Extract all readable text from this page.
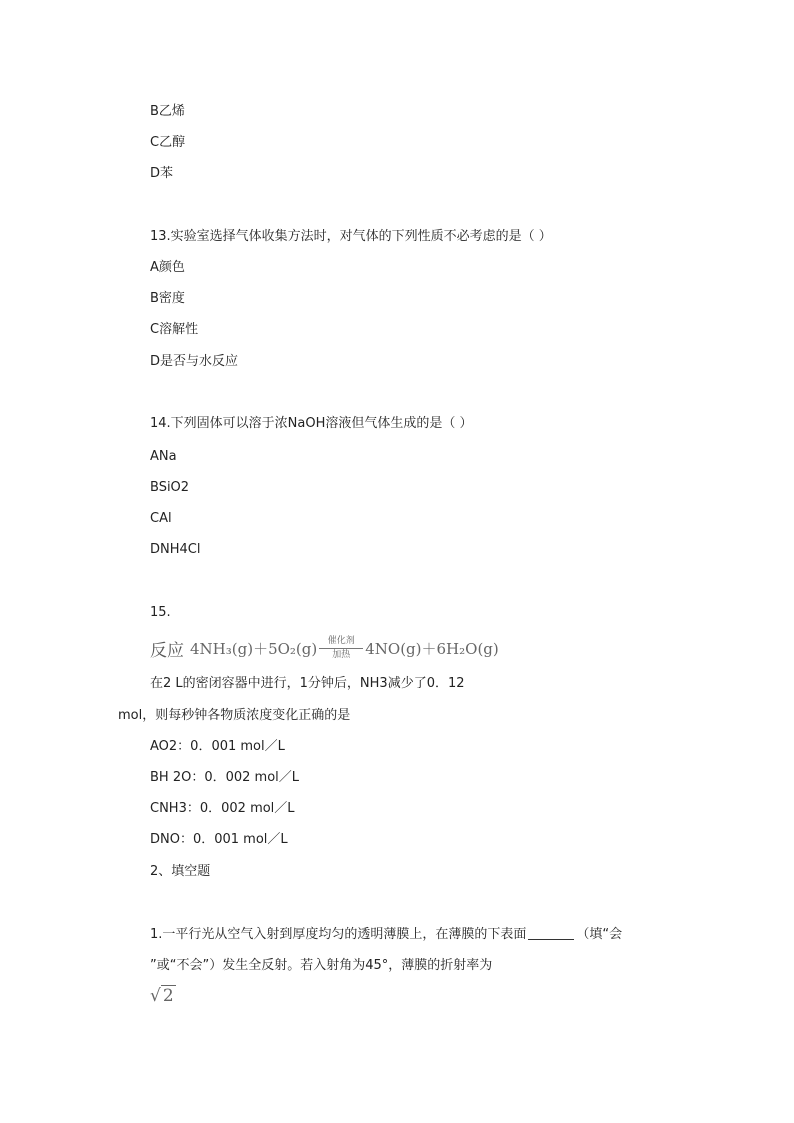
B乙烯
C乙醇
D苯
13.实验室选择气体收集方法时，对气体的下列性质不必考虑的是（ ）
A颜色
B密度
C溶解性
D是否与水反应
14.下列固体可以溶于浓NaOH溶液但气体生成的是（ ）
ANa
BSiO2
CAl
DNH4Cl
15.
反应 4NH₃(g)＋5O₂(g) 催化剂
加热 4NO(g)＋6H₂O(g)
在2 L的密闭容器中进行，1分钟后，NH3减少了0．12
mol，则每秒钟各物质浓度变化正确的是
AO2：0．001 mol／L
BH 2O：0．002 mol／L
CNH3：0．002 mol／L
DNO：0．001 mol／L
2、填空题
1.一平行光从空气入射到厚度均匀的透明薄膜上，在薄膜的下表面	（填“会
”或“不会”）发生全反射。若入射角为45°，薄膜的折射率为
√ 2
